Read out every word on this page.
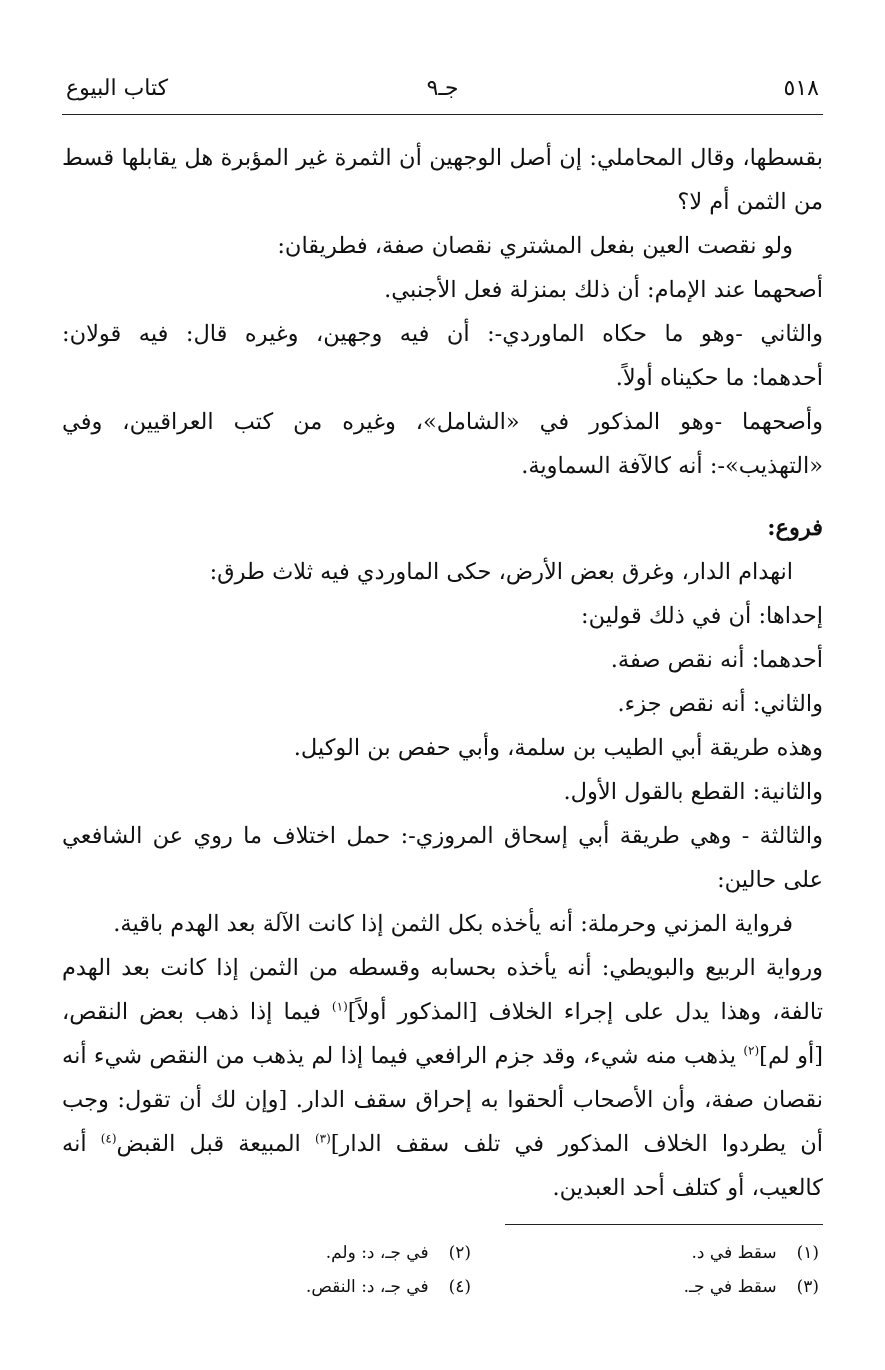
٥١٨
جـ٩
كتاب البيوع
بقسطها، وقال المحاملي: إن أصل الوجهين أن الثمرة غير المؤبرة هل يقابلها قسط
من الثمن أم لا؟
ولو نقصت العين بفعل المشتري نقصان صفة، فطريقان:
أصحهما عند الإمام: أن ذلك بمنزلة فعل الأجنبي.
والثاني -وهو ما حكاه الماوردي-: أن فيه وجهين، وغيره قال: فيه قولان:
أحدهما: ما حكيناه أولاً.
وأصحهما -وهو المذكور في «الشامل»، وغيره من كتب العراقيين، وفي
«التهذيب»-: أنه كالآفة السماوية.
فروع:
انهدام الدار، وغرق بعض الأرض، حكى الماوردي فيه ثلاث طرق:
إحداها: أن في ذلك قولين:
أحدهما: أنه نقص صفة.
والثاني: أنه نقص جزء.
وهذه طريقة أبي الطيب بن سلمة، وأبي حفص بن الوكيل.
والثانية: القطع بالقول الأول.
والثالثة - وهي طريقة أبي إسحاق المروزي-: حمل اختلاف ما روي عن الشافعي
على حالين:
فرواية المزني وحرملة: أنه يأخذه بكل الثمن إذا كانت الآلة بعد الهدم باقية.
ورواية الربيع والبويطي: أنه يأخذه بحسابه وقسطه من الثمن إذا كانت بعد الهدم
تالفة، وهذا يدل على إجراء الخلاف [المذكور أولاً]$^{(١)}$ فيما إذا ذهب بعض النقص،
[أو لم]$^{(٢)}$ يذهب منه شيء، وقد جزم الرافعي فيما إذا لم يذهب من النقص شيء أنه
نقصان صفة، وأن الأصحاب ألحقوا به إحراق سقف الدار. [وإن لك أن تقول: وجب
أن يطردوا الخلاف المذكور في تلف سقف الدار]$^{(٣)}$ المبيعة قبل القبض$^{(٤)}$ أنه
كالعيب، أو كتلف أحد العبدين.
(١)سقط في د.
(٢)في جـ، د: ولم.
(٣)سقط في جـ.
(٤)في جـ، د: النقص.
